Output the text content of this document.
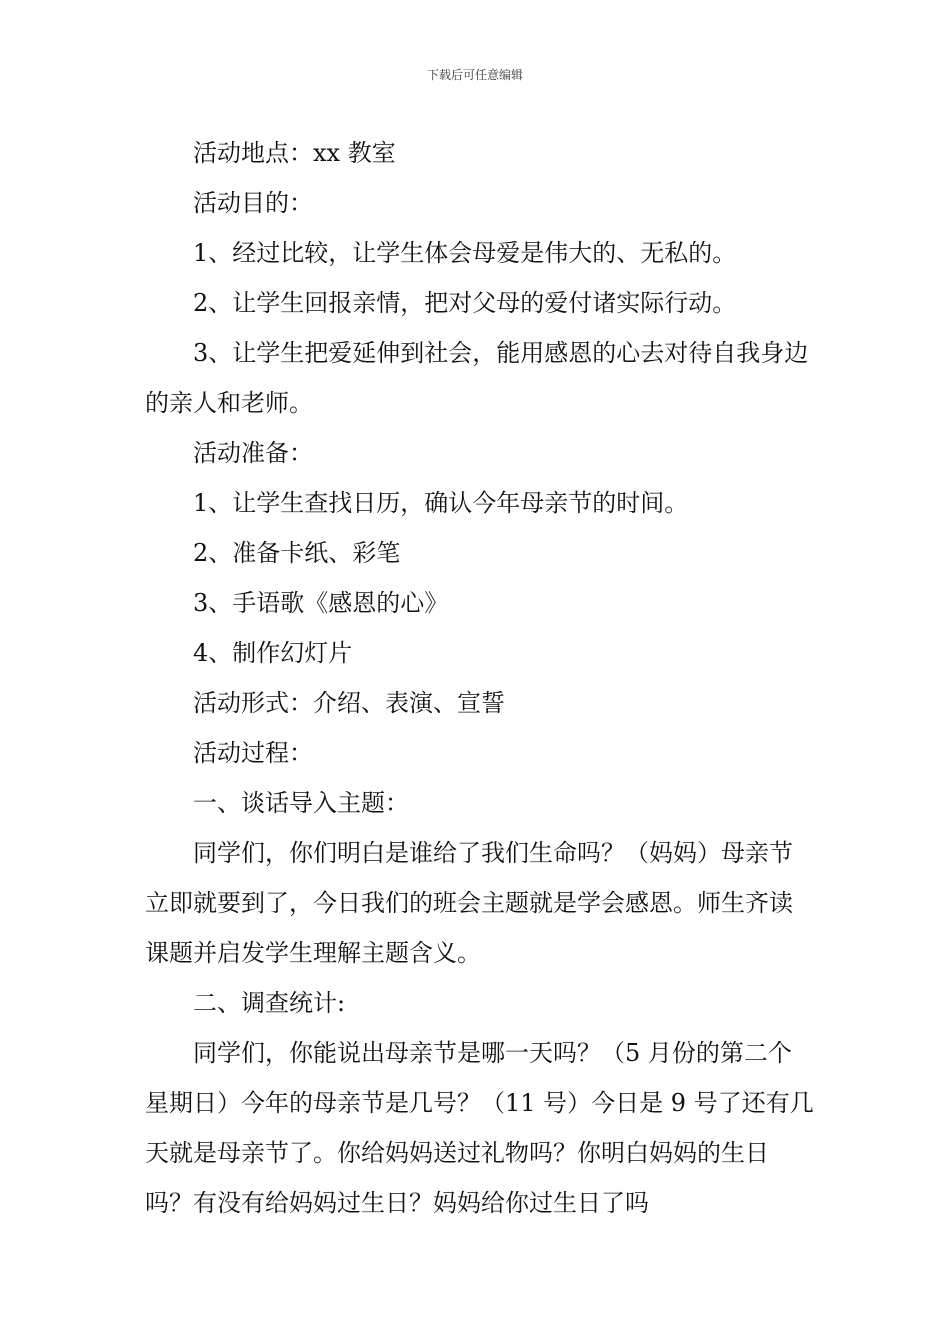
下载后可任意编辑

活动地点：xx 教室

活动目的：

1、经过比较，让学生体会母爱是伟大的、无私的。

2、让学生回报亲情，把对父母的爱付诸实际行动。

3、让学生把爱延伸到社会，能用感恩的心去对待自我身边的亲人和老师。

活动准备：

1、让学生查找日历，确认今年母亲节的时间。

2、准备卡纸、彩笔

3、手语歌《感恩的心》

4、制作幻灯片

活动形式：介绍、表演、宣誓

活动过程：

一、谈话导入主题：

同学们，你们明白是谁给了我们生命吗？（妈妈）母亲节立即就要到了，今日我们的班会主题就是学会感恩。师生齐读课题并启发学生理解主题含义。

二、调查统计:

同学们，你能说出母亲节是哪一天吗？（5 月份的第二个星期日）今年的母亲节是几号？（11 号）今日是 9 号了还有几天就是母亲节了。你给妈妈送过礼物吗？你明白妈妈的生日吗？有没有给妈妈过生日？妈妈给你过生日了吗
